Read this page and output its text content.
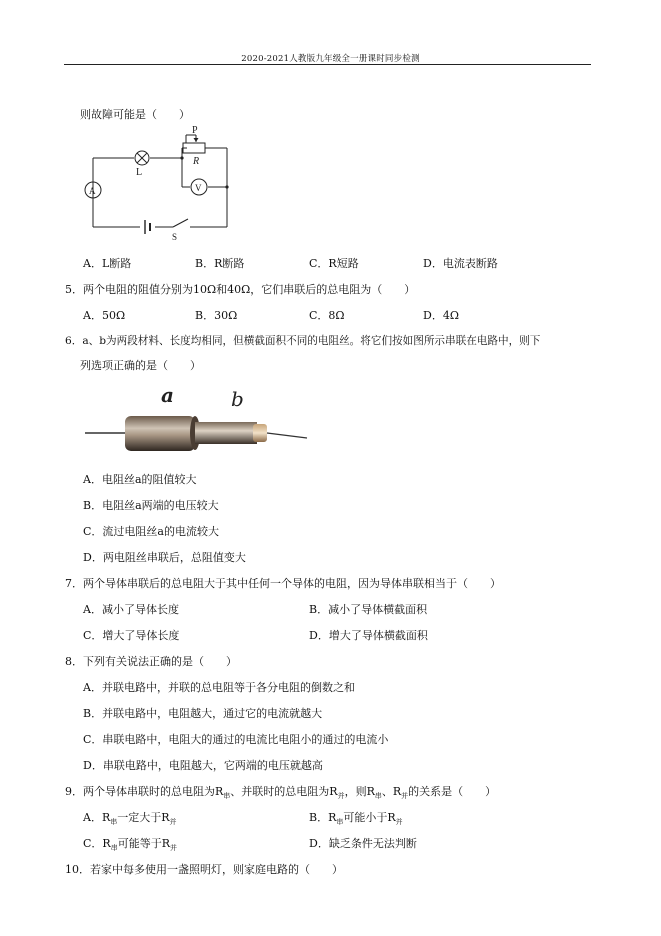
2020-2021人教版九年级全一册课时同步检测
则故障可能是（　　）
P
R
L
A	V
S
A．L断路	B．R断路	C．R短路	D．电流表断路
5．两个电阻的阻值分别为10Ω和40Ω，它们串联后的总电阻为（　　）
A．50Ω	B．30Ω	C．8Ω	D．4Ω
6．a、b为两段材料、长度均相同，但横截面积不同的电阻丝。将它们按如图所示串联在电路中，则下
列选项正确的是（　　）
a	b
A．电阻丝a的阻值较大
B．电阻丝a两端的电压较大
C．流过电阻丝a的电流较大
D．两电阻丝串联后，总阻值变大
7．两个导体串联后的总电阻大于其中任何一个导体的电阻，因为导体串联相当于（　　）
A．减小了导体长度	B．减小了导体横截面积
C．增大了导体长度	D．增大了导体横截面积
8．下列有关说法正确的是（　　）
A．并联电路中，并联的总电阻等于各分电阻的倒数之和
B．并联电路中，电阻越大，通过它的电流就越大
C．串联电路中，电阻大的通过的电流比电阻小的通过的电流小
D．串联电路中，电阻越大，它两端的电压就越高
9．两个导体串联时的总电阻为$R_串$、并联时的总电阻为$R_并$，则$R_串$、$R_并$的关系是（　　）
A．$R_串$一定大于$R_并$	B．$R_串$可能小于$R_并$
C．$R_串$可能等于$R_并$	D．缺乏条件无法判断
10．若家中每多使用一盏照明灯，则家庭电路的（　　）
